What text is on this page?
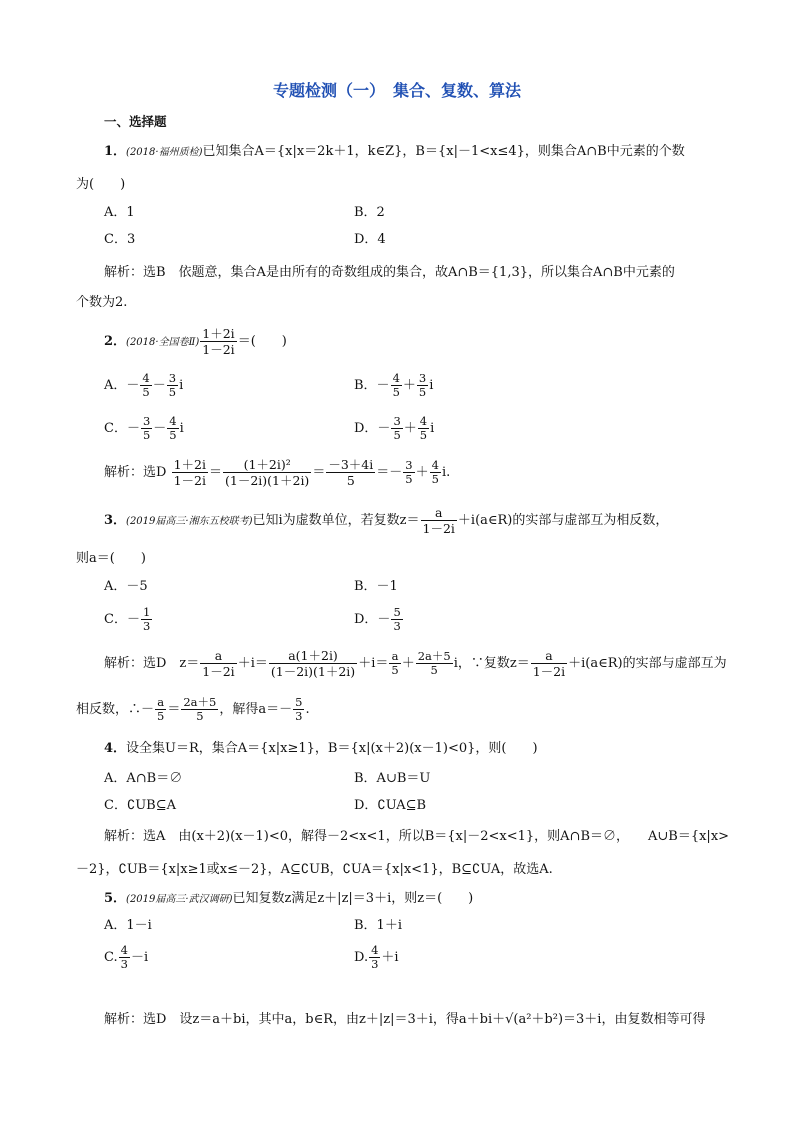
专题检测（一）　集合、复数、算法
一、选择题
1．(2018·福州质检)已知集合A＝{x|x＝2k＋1，k∈Z}，B＝{x|－1<x≤4}，则集合A∩B中元素的个数
为(　　)
A．1	B．2
C．3	D．4
解析：选B　依题意，集合A是由所有的奇数组成的集合，故A∩B＝{1,3}，所以集合A∩B中元素的
个数为2.
2．(2018·全国卷Ⅱ) $\frac{1+2i}{1-2i}$ ＝(　　)
A．－ $\frac{4}{5} - \frac{3}{5}$ i	B．－ $\frac{4}{5} + \frac{3}{5}$ i
C．－ $\frac{3}{5} - \frac{4}{5}$ i	D．－ $\frac{3}{5} + \frac{4}{5}$ i
解析：选D $\frac{1+2i}{1-2i} = \frac{\text{(1＋2i)²}}{(1-2i)(1+2i)} = \frac{-3+4i}{5} =- \frac{3}{5} + \frac{4}{5} i$.
3．(2019届高三·湘东五校联考)已知i为虚数单位，若复数$z= \frac{a}{1-2i}$ ＋i(a∈R)的实部与虚部互为相反数，
则a＝(　　)
A．－5	B．－1
C．－ $\frac{1}{3}$	D．－ $\frac{5}{3}$
解析：选D　$z= \frac{a}{1-2i} +i= \frac{a(1+2i)}{(1-2i)(1+2i)} +i= \frac{a}{5} + \frac{2a+5}{5}$ i，∵复数$z= \frac{a}{1-2i}$ ＋i(a∈R)的实部与虚部互为
相反数，∴－ $\frac{a}{5} = \frac{2a+5}{5}$ ，解得$a=- \frac{5}{3}$ .
4．设全集U＝R，集合A＝{x|x≥1}，B＝{x|(x＋2)(x－1)<0}，则(　　)
A．A∩B＝∅	B．A∪B＝U
C．∁UB⊆A	D．∁UA⊆B
解析：选A　由(x＋2)(x－1)<0，解得－2<x<1，所以B＝{x|－2<x<1}，则A∩B＝∅， A∪B＝{x|x>
－2}，∁UB＝{x|x≥1或x≤－2}，A⊆∁UB，∁UA＝{x|x<1}，B⊆∁UA，故选A.
5．(2019届高三·武汉调研)已知复数z满足z＋|z|＝3＋i，则z＝(　　)
A．1－i	B．1＋i
C. $\frac{4}{3} -i$	D. $\frac{4}{3} +i$
解析：选D　设z＝a＋bi，其中a，b∈R，由z＋|z|＝3＋i，得a＋bi＋√(a²＋b²)＝3＋i，由复数相等可得
